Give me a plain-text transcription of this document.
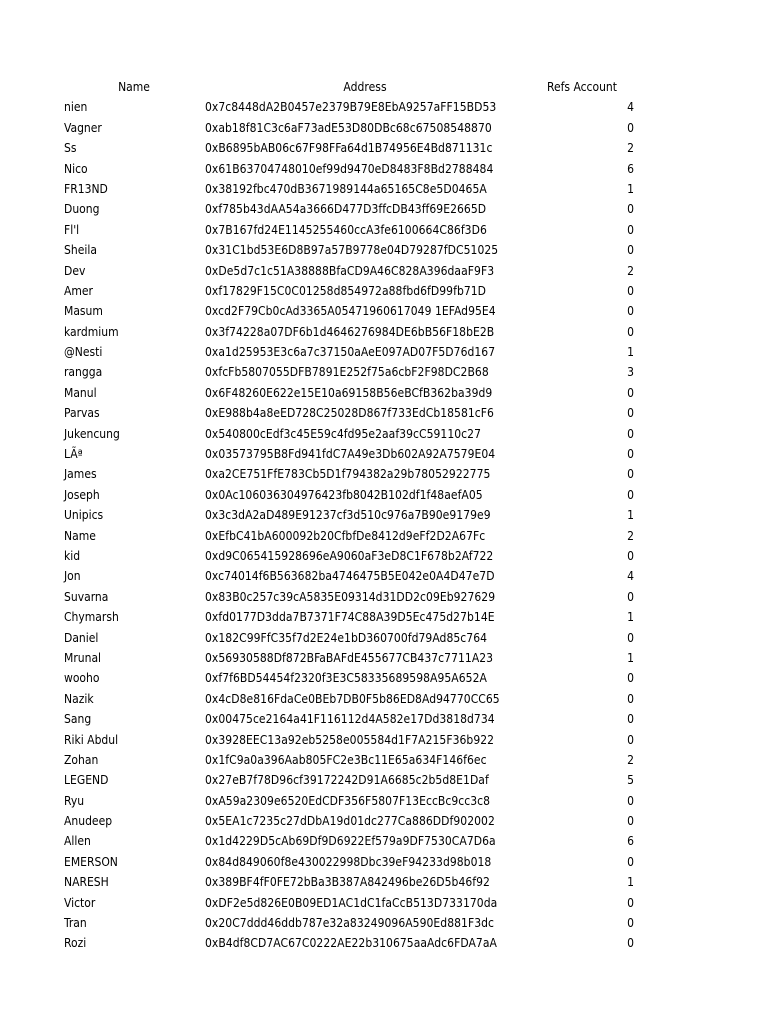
Name	Address	Refs Account
nien	0x7c8448dA2B0457e2379B79E8EbA9257aFF15BD53	4
Vagner	0xab18f81C3c6aF73adE53D80DBc68c67508548870	0
Ss	0xB6895bAB06c67F98FFa64d1B74956E4Bd871131c	2
Nico	0x61B63704748010ef99d9470eD8483F8Bd2788484	6
FR13ND	0x38192fbc470dB3671989144a65165C8e5D0465A	1
Duong	0xf785b43dAA54a3666D477D3ffcDB43ff69E2665D	0
Fl'l	0x7B167fd24E1145255460ccA3fe6100664C86f3D6	0
Sheila	0x31C1bd53E6D8B97a57B9778e04D79287fDC51025	0
Dev	0xDe5d7c1c51A38888BfaCD9A46C828A396daaF9F3	2
Amer	0xf17829F15C0C01258d854972a88fbd6fD99fb71D	0
Masum	0xcd2F79Cb0cAd3365A05471960617049 1EFAd95E4	0
kardmium	0x3f74228a07DF6b1d4646276984DE6bB56F18bE2B	0
@Nesti	0xa1d25953E3c6a7c37150aAeE097AD07F5D76d167	1
rangga	0xfcFb5807055DFB7891E252f75a6cbF2F98DC2B68	3
Manul	0x6F48260E622e15E10a69158B56eBCfB362ba39d9	0
Parvas	0xE988b4a8eED728C25028D867f733EdCb18581cF6	0
Jukencung	0x540800cEdf3c45E59c4fd95e2aaf39cC59110c27	0
LÃª	0x03573795B8Fd941fdC7A49e3Db602A92A7579E04	0
James	0xa2CE751FfE783Cb5D1f794382a29b78052922775	0
Joseph	0x0Ac106036304976423fb8042B102df1f48aefA05	0
Unipics	0x3c3dA2aD489E91237cf3d510c976a7B90e9179e9	1
Name	0xEfbC41bA600092b20CfbfDe8412d9eFf2D2A67Fc	2
kid	0xd9C065415928696eA9060aF3eD8C1F678b2Af722	0
Jon	0xc74014f6B563682ba4746475B5E042e0A4D47e7D	4
Suvarna	0x83B0c257c39cA5835E09314d31DD2c09Eb927629	0
Chymarsh	0xfd0177D3dda7B7371F74C88A39D5Ec475d27b14E	1
Daniel	0x182C99FfC35f7d2E24e1bD360700fd79Ad85c764	0
Mrunal	0x56930588Df872BFaBAFdE455677CB437c7711A23	1
wooho	0xf7f6BD54454f2320f3E3C58335689598A95A652A	0
Nazik	0x4cD8e816FdaCe0BEb7DB0F5b86ED8Ad94770CC65	0
Sang	0x00475ce2164a41F116112d4A582e17Dd3818d734	0
Riki Abdul	0x3928EEC13a92eb5258e005584d1F7A215F36b922	0
Zohan	0x1fC9a0a396Aab805FC2e3Bc11E65a634F146f6ec	2
LEGEND	0x27eB7f78D96cf39172242D91A6685c2b5d8E1Daf	5
Ryu	0xA59a2309e6520EdCDF356F5807F13EccBc9cc3c8	0
Anudeep	0x5EA1c7235c27dDbA19d01dc277Ca886DDf902002	0
Allen	0x1d4229D5cAb69Df9D6922Ef579a9DF7530CA7D6a	6
EMERSON	0x84d849060f8e430022998Dbc39eF94233d98b018	0
NARESH	0x389BF4fF0FE72bBa3B387A842496be26D5b46f92	1
Victor	0xDF2e5d826E0B09ED1AC1dC1faCcB513D733170da	0
Tran	0x20C7ddd46ddb787e32a83249096A590Ed881F3dc	0
Rozi	0xB4df8CD7AC67C0222AE22b310675aaAdc6FDA7aA	0
